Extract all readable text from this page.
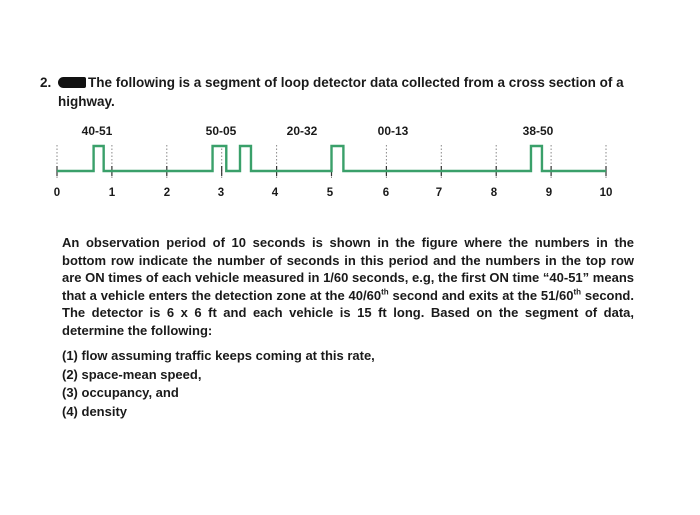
2.	The following is a segment of loop detector data collected from a cross section of a
highway.
40-51	50-05	20-32	00-13	38-50
0	1	2	3	4	5	6	7	8	9	10

An observation period of 10 seconds is shown in the figure where the numbers in the bottom row indicate the number of seconds in this period and the numbers in the top row are ON times of each vehicle measured in 1/60 seconds, e.g, the first ON time “40-51” means that a vehicle enters the detection zone at the 40/60th second and exits at the 51/60th second. The detector is 6 x 6 ft and each vehicle is 15 ft long. Based on the segment of data, determine the following:

(1) flow assuming traffic keeps coming at this rate,
(2) space-mean speed,
(3) occupancy, and
(4) density
